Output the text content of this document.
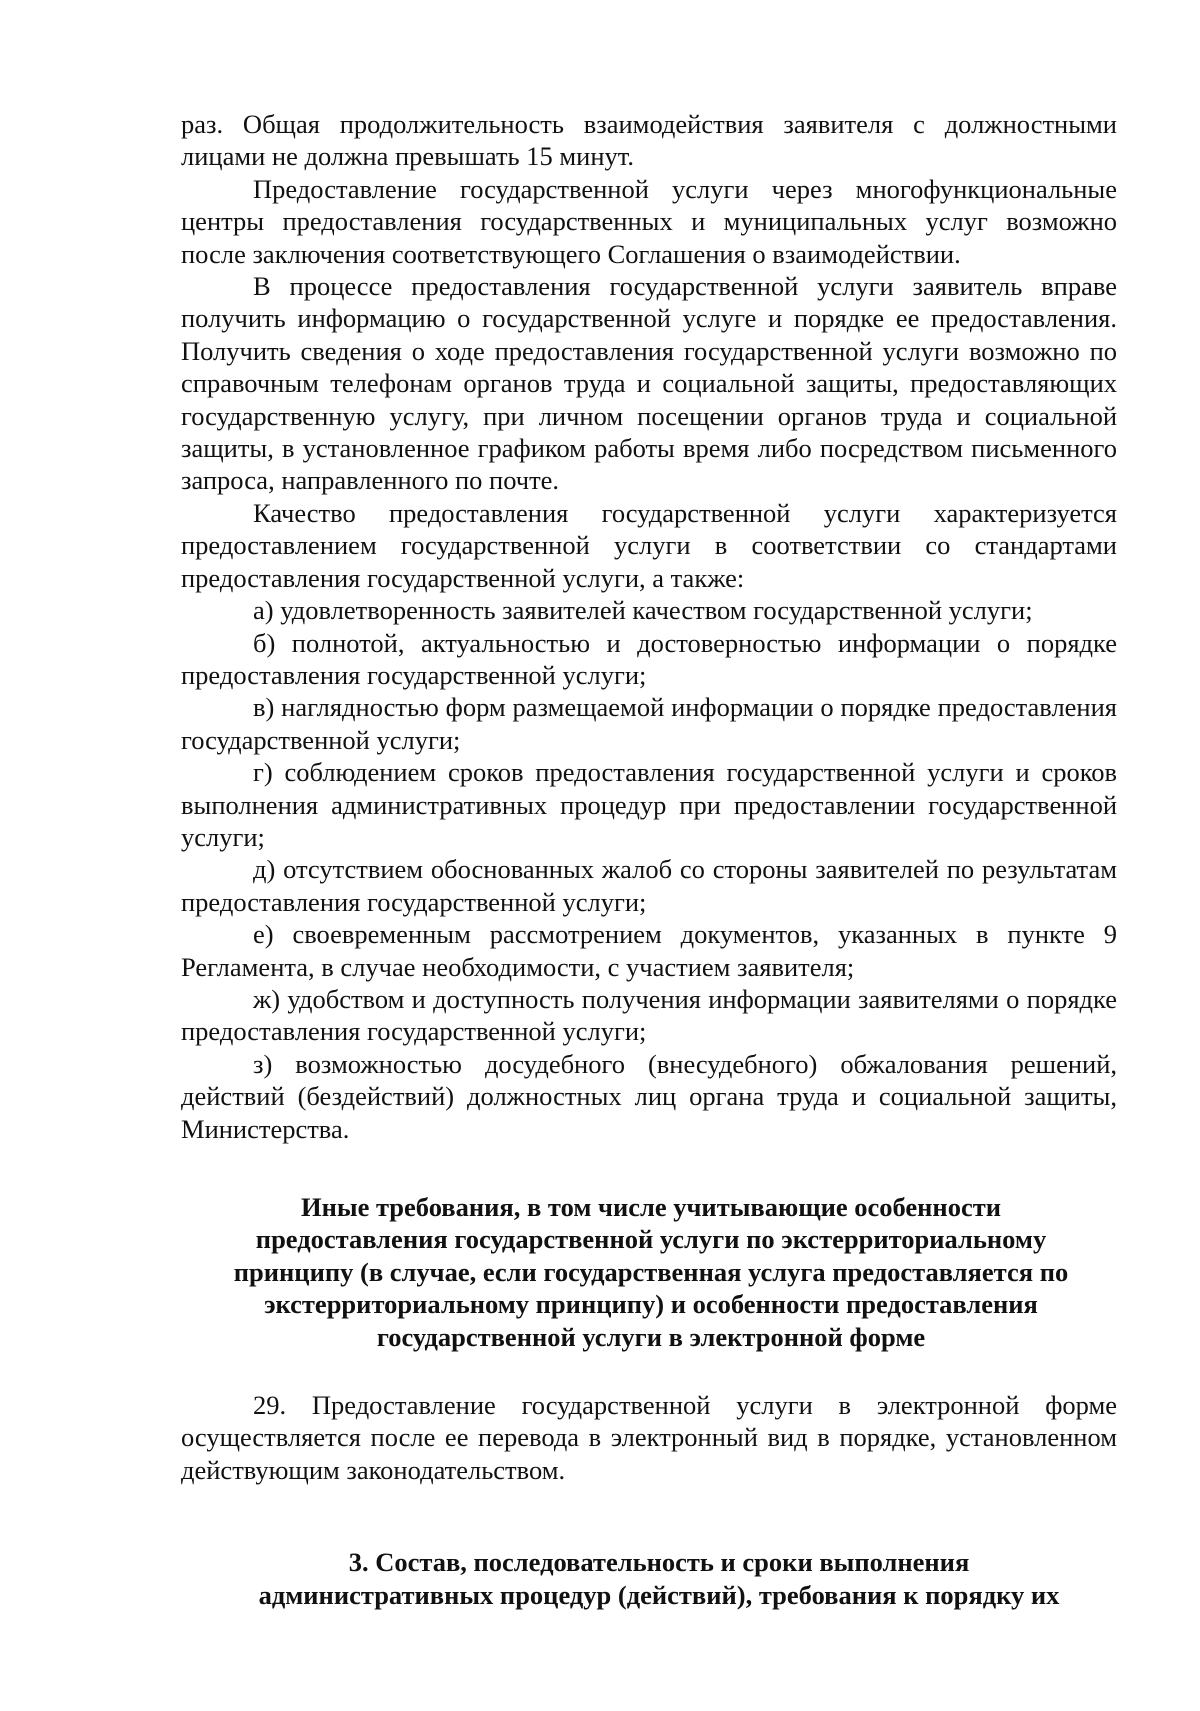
раз. Общая продолжительность взаимодействия заявителя с должностными лицами не должна превышать 15 минут.

Предоставление государственной услуги через многофункциональные центры предоставления государственных и муниципальных услуг возможно после заключения соответствующего Соглашения о взаимодействии.

В процессе предоставления государственной услуги заявитель вправе получить информацию о государственной услуге и порядке ее предоставления. Получить сведения о ходе предоставления государственной услуги возможно по справочным телефонам органов труда и социальной защиты, предоставляющих государственную услугу, при личном посещении органов труда и социальной защиты, в установленное графиком работы время либо посредством письменного запроса, направленного по почте.

Качество предоставления государственной услуги характеризуется предоставлением государственной услуги в соответствии со стандартами предоставления государственной услуги, а также:

а) удовлетворенность заявителей качеством государственной услуги;

б) полнотой, актуальностью и достоверностью информации о порядке предоставления государственной услуги;

в) наглядностью форм размещаемой информации о порядке предоставления государственной услуги;

г) соблюдением сроков предоставления государственной услуги и сроков выполнения административных процедур при предоставлении государственной услуги;

д) отсутствием обоснованных жалоб со стороны заявителей по результатам предоставления государственной услуги;

е) своевременным рассмотрением документов, указанных в пункте 9 Регламента, в случае необходимости, с участием заявителя;

ж) удобством и доступность получения информации заявителями о порядке предоставления государственной услуги;

з) возможностью досудебного (внесудебного) обжалования решений, действий (бездействий) должностных лиц органа труда и социальной защиты, Министерства.

Иные требования, в том числе учитывающие особенности
предоставления государственной услуги по экстерриториальному
принципу (в случае, если государственная услуга предоставляется по
экстерриториальному принципу) и особенности предоставления
государственной услуги в электронной форме

29. Предоставление государственной услуги в электронной форме осуществляется после ее перевода в электронный вид в порядке, установленном действующим законодательством.

3. Состав, последовательность и сроки выполнения
административных процедур (действий), требования к порядку их
